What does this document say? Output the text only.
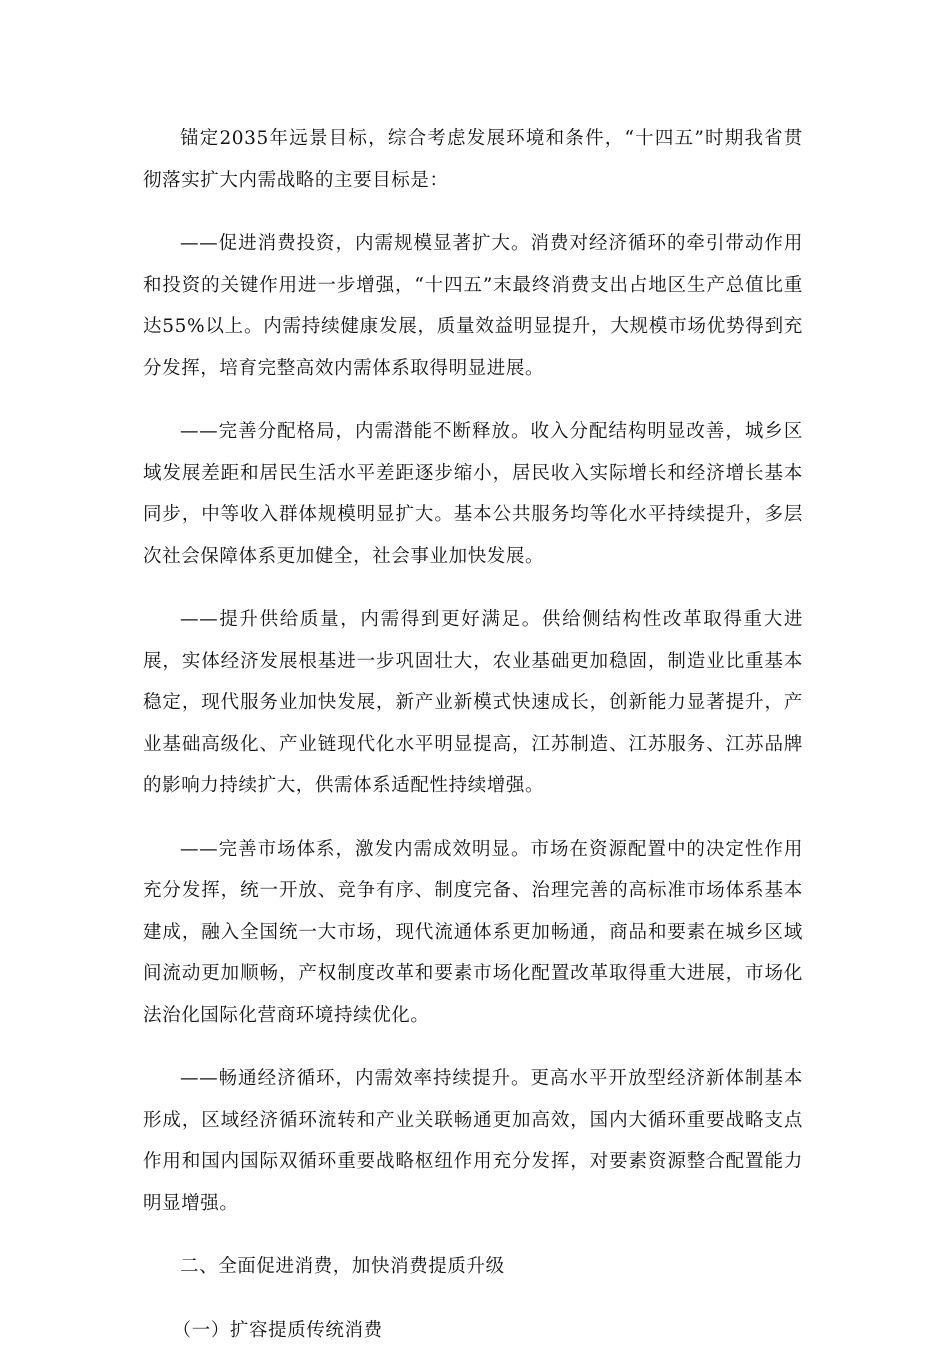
锚定2035年远景目标，综合考虑发展环境和条件，“十四五”时期我省贯彻落实扩大内需战略的主要目标是：

——促进消费投资，内需规模显著扩大。消费对经济循环的牵引带动作用和投资的关键作用进一步增强，“十四五”末最终消费支出占地区生产总值比重达55%以上。内需持续健康发展，质量效益明显提升，大规模市场优势得到充分发挥，培育完整高效内需体系取得明显进展。

——完善分配格局，内需潜能不断释放。收入分配结构明显改善，城乡区域发展差距和居民生活水平差距逐步缩小，居民收入实际增长和经济增长基本同步，中等收入群体规模明显扩大。基本公共服务均等化水平持续提升，多层次社会保障体系更加健全，社会事业加快发展。

——提升供给质量，内需得到更好满足。供给侧结构性改革取得重大进展，实体经济发展根基进一步巩固壮大，农业基础更加稳固，制造业比重基本稳定，现代服务业加快发展，新产业新模式快速成长，创新能力显著提升，产业基础高级化、产业链现代化水平明显提高，江苏制造、江苏服务、江苏品牌的影响力持续扩大，供需体系适配性持续增强。

——完善市场体系，激发内需成效明显。市场在资源配置中的决定性作用充分发挥，统一开放、竞争有序、制度完备、治理完善的高标准市场体系基本建成，融入全国统一大市场，现代流通体系更加畅通，商品和要素在城乡区域间流动更加顺畅，产权制度改革和要素市场化配置改革取得重大进展，市场化法治化国际化营商环境持续优化。

——畅通经济循环，内需效率持续提升。更高水平开放型经济新体制基本形成，区域经济循环流转和产业关联畅通更加高效，国内大循环重要战略支点作用和国内国际双循环重要战略枢纽作用充分发挥，对要素资源整合配置能力明显增强。

二、全面促进消费，加快消费提质升级

（一）扩容提质传统消费
